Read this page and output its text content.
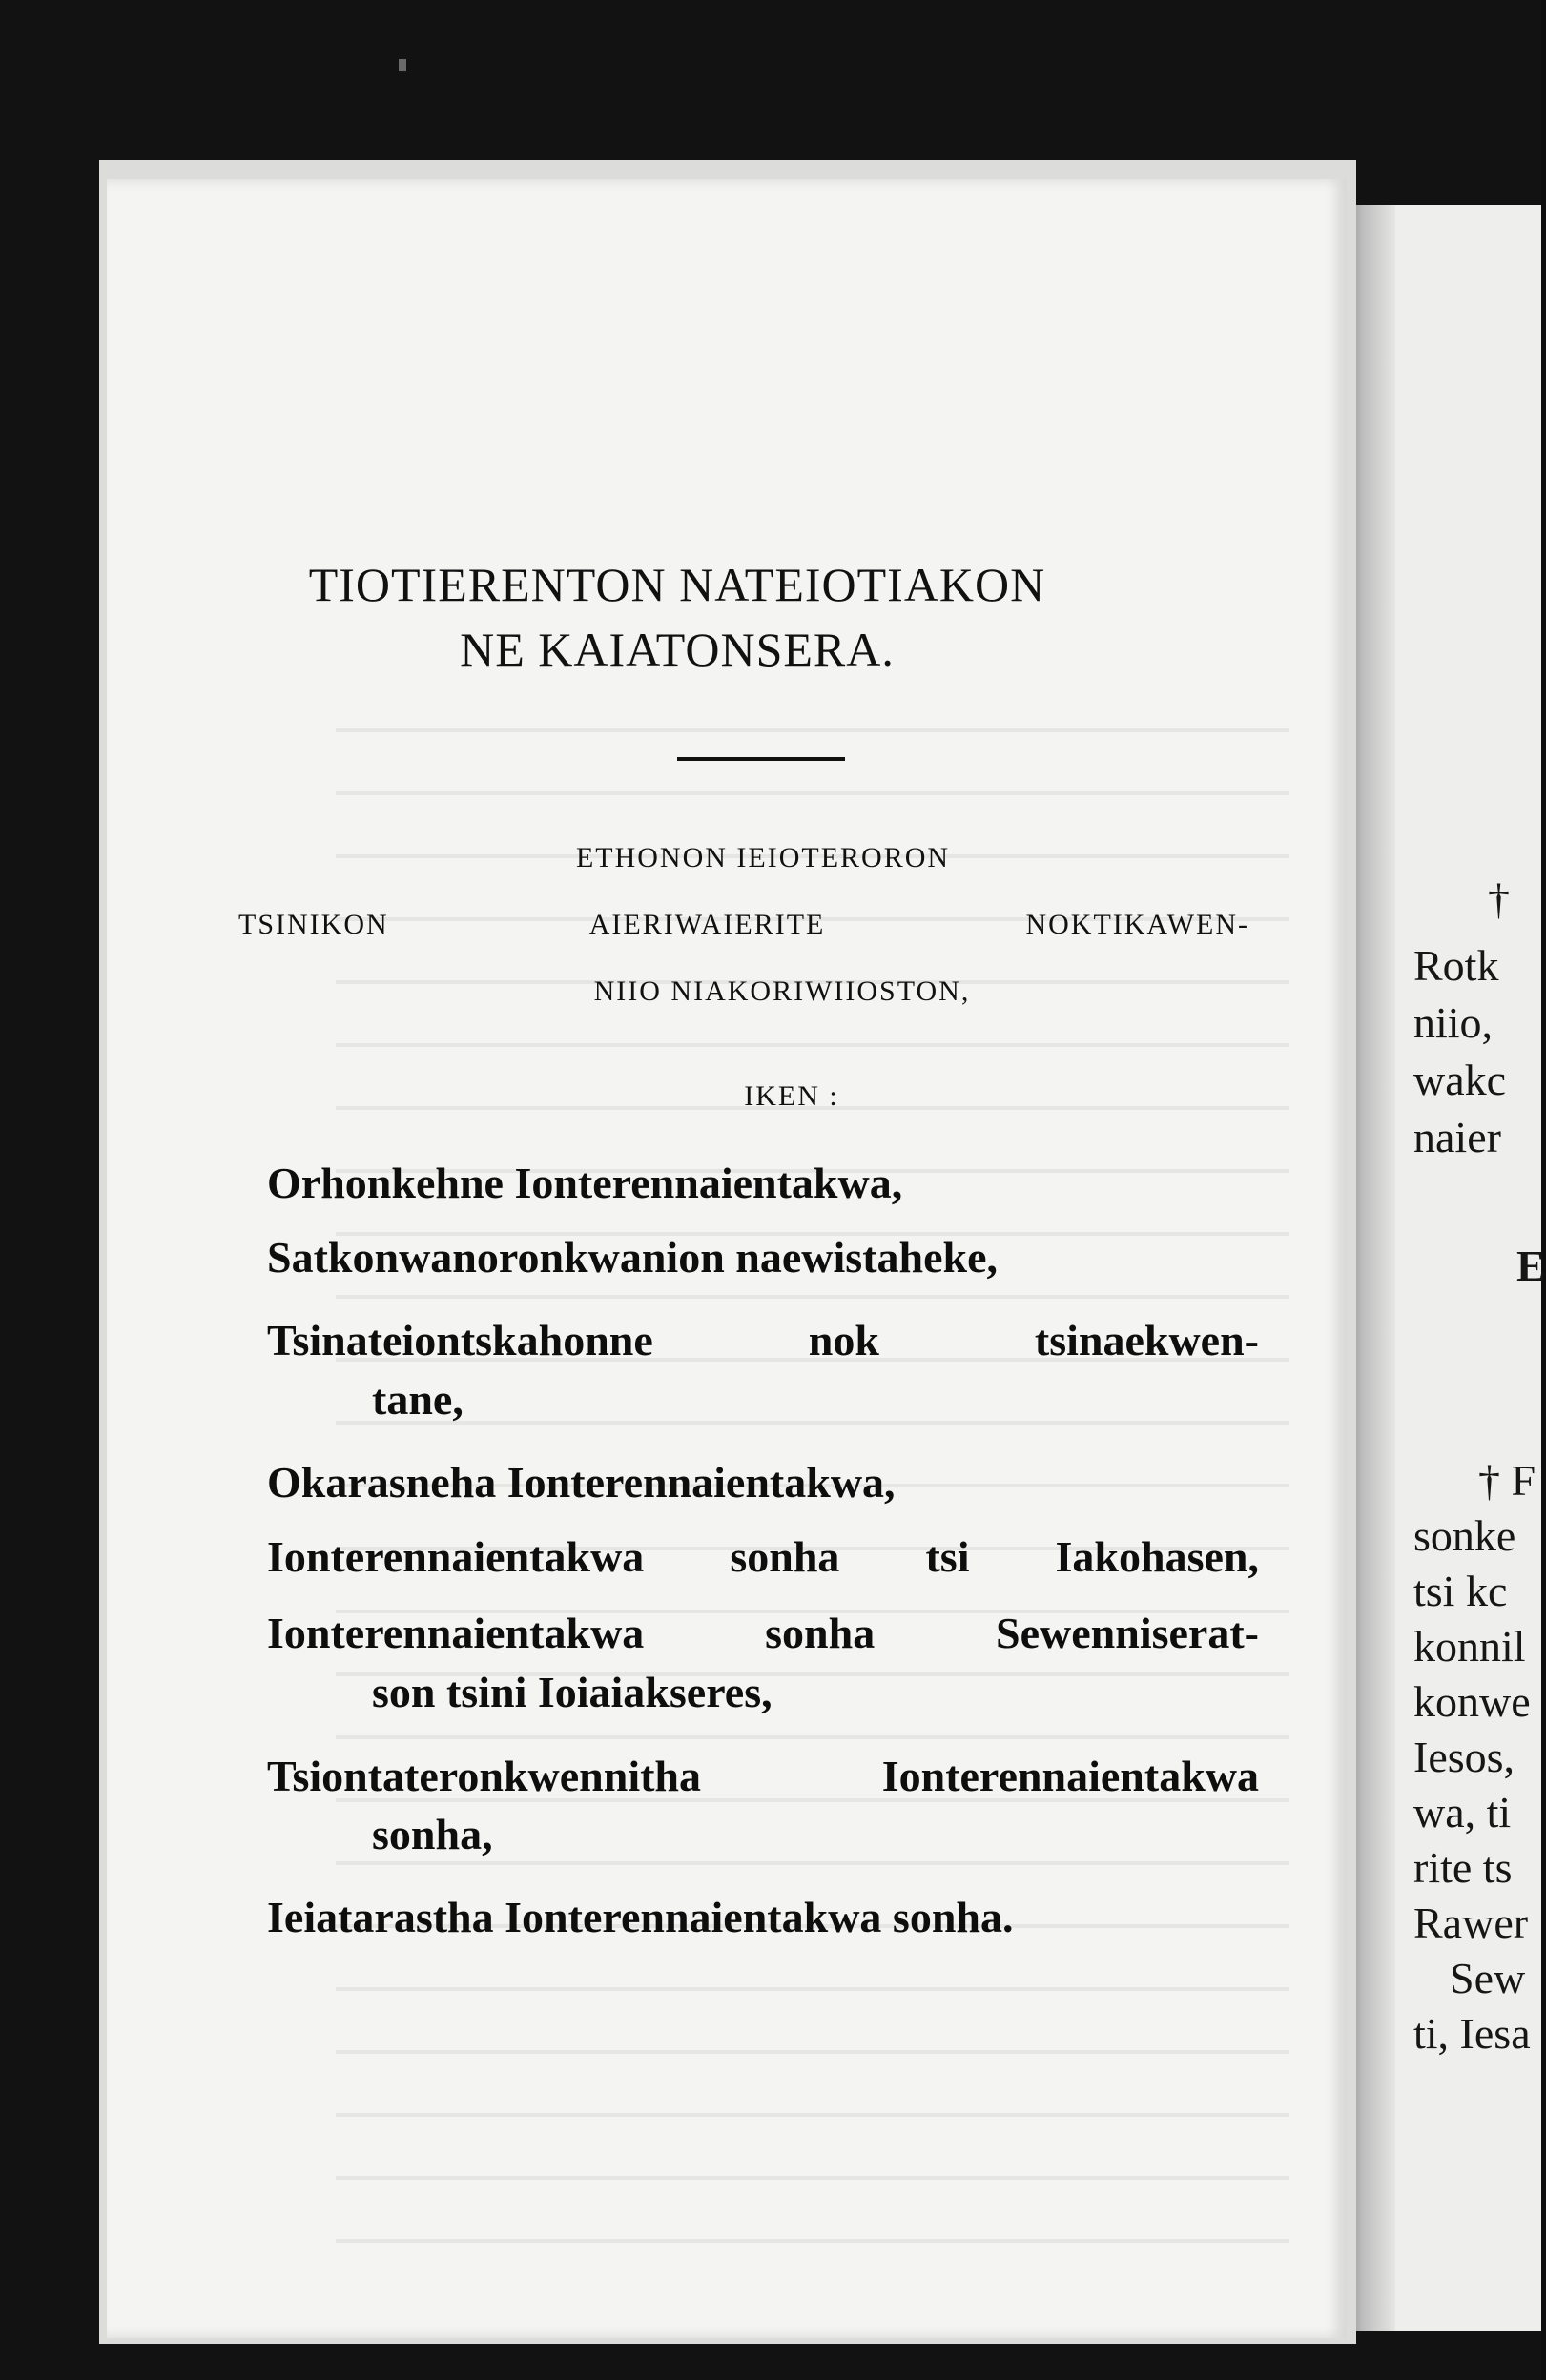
†
Rotk
niio,
wakc
naier
E
† F
sonke
tsi kc
konnil
konwe
Iesos,
wa, ti
rite ts
Rawer
Sew
ti, Iesa
TIOTIERENTON NATEIOTIAKON
NE KAIATONSERA.
ETHONON IEIOTERORON
TSINIKON	AIERIWAIERITE	NOKTIKAWEN-
NIIO NIAKORIWIIOSTON,
IKEN :
Orhonkehne Ionterennaientakwa,
Satkonwanoronkwanion naewistaheke,
Tsinateiontskahonne	nok	tsinaekwen-
tane,
Okarasneha Ionterennaientakwa,
Ionterennaientakwa sonha tsi Iakohasen,
Ionterennaientakwa	sonha	Sewenniserat-
son tsini Ioiaiakseres,
Tsiontateronkwennitha	Ionterennaientakwa
sonha,
Ieiatarastha Ionterennaientakwa sonha.
